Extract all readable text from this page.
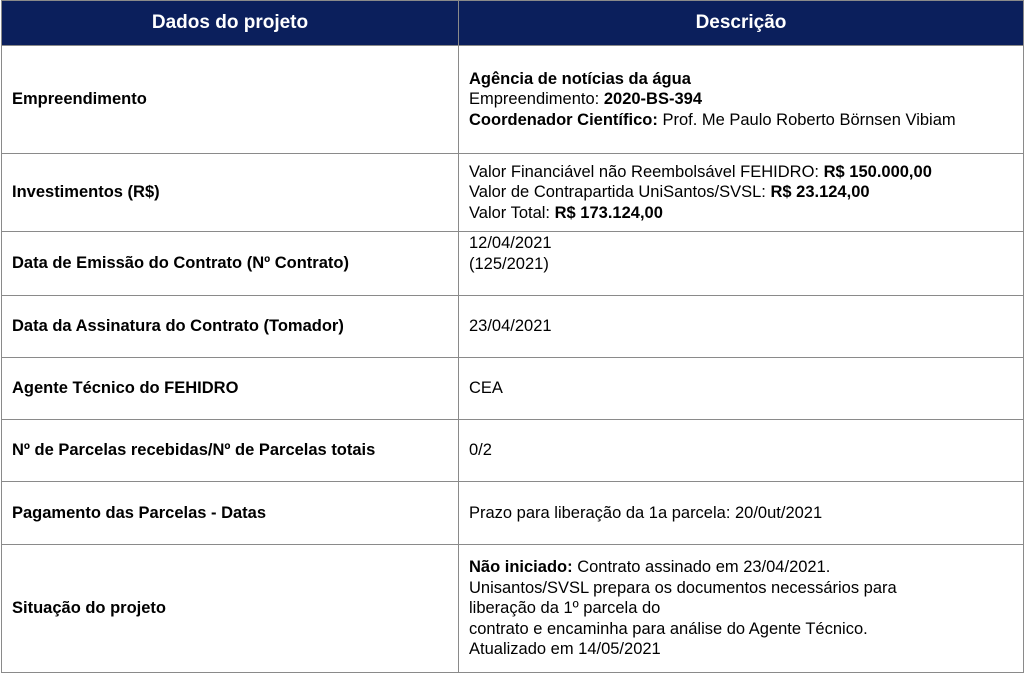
Dados do projeto	Descrição
Empreendimento	Agência de notícias da água
Empreendimento: 2020-BS-394
Coordenador Científico: Prof. Me Paulo Roberto Börnsen Vibiam

Investimentos (R$)	Valor Financiável não Reembolsável FEHIDRO: R$ 150.000,00
Valor de Contrapartida UniSantos/SVSL: R$ 23.124,00
Valor Total: R$ 173.124,00

Data de Emissão do Contrato (Nº Contrato)	12/04/2021
(125/2021)

Data da Assinatura do Contrato (Tomador)	23/04/2021
Agente Técnico do FEHIDRO	CEA
Nº de Parcelas recebidas/Nº de Parcelas totais	0/2
Pagamento das Parcelas - Datas	Prazo para liberação da 1a parcela: 20/0ut/2021
Situação do projeto	Não iniciado: Contrato assinado em 23/04/2021.
Unisantos/SVSL prepara os documentos necessários para
liberação da 1º parcela do
contrato e encaminha para análise do Agente Técnico.
Atualizado em 14/05/2021
